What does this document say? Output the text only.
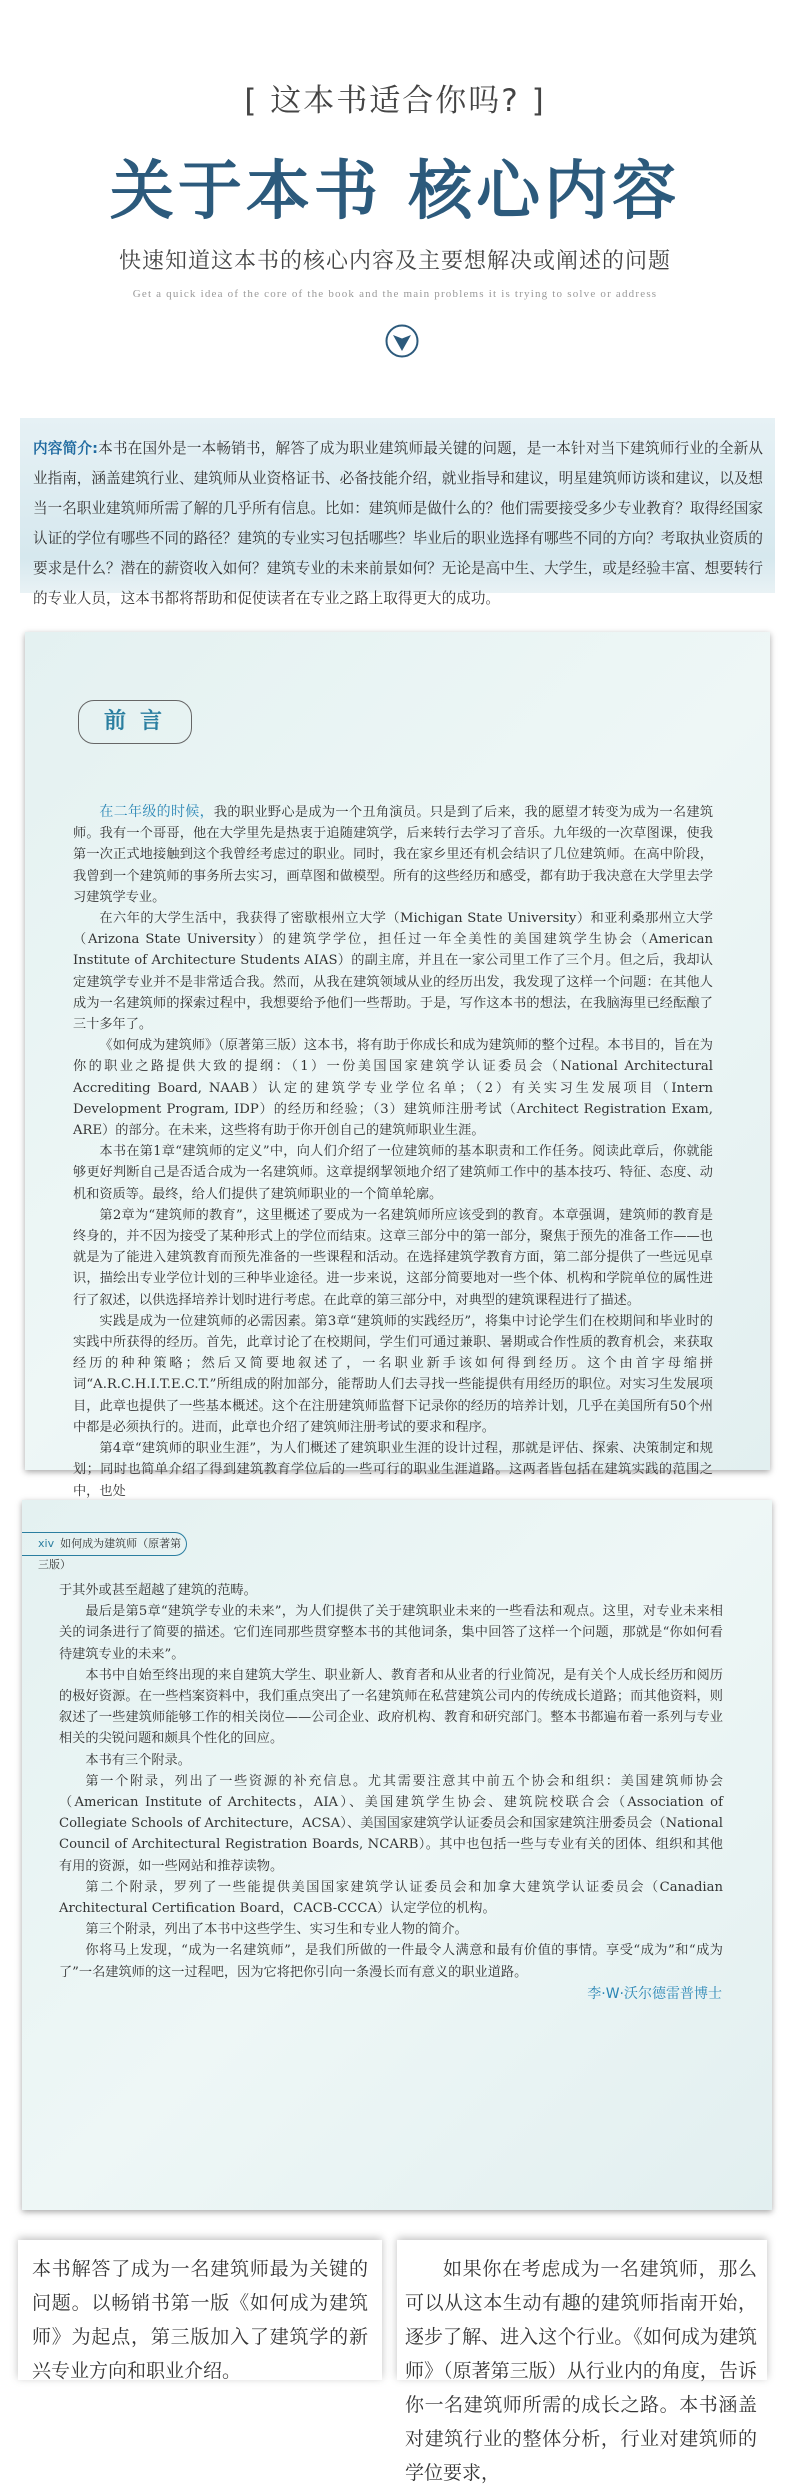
[ 这本书适合你吗? ]
关于本书 核心内容
快速知道这本书的核心内容及主要想解决或阐述的问题
Get a quick idea of the core of the book and the main problems it is trying to solve or address
内容简介:本书在国外是一本畅销书，解答了成为职业建筑师最关键的问题，是一本针对当下建筑师行业的全新从业指南，涵盖建筑行业、建筑师从业资格证书、必备技能介绍，就业指导和建议，明星建筑师访谈和建议，以及想当一名职业建筑师所需了解的几乎所有信息。比如：建筑师是做什么的？他们需要接受多少专业教育？取得经国家认证的学位有哪些不同的路径？建筑的专业实习包括哪些？毕业后的职业选择有哪些不同的方向？考取执业资质的要求是什么？潜在的薪资收入如何？建筑专业的未来前景如何？无论是高中生、大学生，或是经验丰富、想要转行的专业人员，这本书都将帮助和促使读者在专业之路上取得更大的成功。
前言

在二年级的时候，我的职业野心是成为一个丑角演员。只是到了后来，我的愿望才转变为成为一名建筑师。我有一个哥哥，他在大学里先是热衷于追随建筑学，后来转行去学习了音乐。九年级的一次草图课，使我第一次正式地接触到这个我曾经考虑过的职业。同时，我在家乡里还有机会结识了几位建筑师。在高中阶段，我曾到一个建筑师的事务所去实习，画草图和做模型。所有的这些经历和感受，都有助于我决意在大学里去学习建筑学专业。

在六年的大学生活中，我获得了密歇根州立大学（Michigan State University）和亚利桑那州立大学（Arizona State University）的建筑学学位，担任过一年全美性的美国建筑学生协会（American Institute of Architecture Students AIAS）的副主席，并且在一家公司里工作了三个月。但之后，我却认定建筑学专业并不是非常适合我。然而，从我在建筑领域从业的经历出发，我发现了这样一个问题：在其他人成为一名建筑师的探索过程中，我想要给予他们一些帮助。于是，写作这本书的想法，在我脑海里已经酝酿了三十多年了。

《如何成为建筑师》（原著第三版）这本书，将有助于你成长和成为建筑师的整个过程。本书目的，旨在为你的职业之路提供大致的提纲：（1）一份美国国家建筑学认证委员会（National Architectural Accrediting Board, NAAB）认定的建筑学专业学位名单；（2）有关实习生发展项目（Intern Development Program, IDP）的经历和经验；（3）建筑师注册考试（Architect Registration Exam, ARE）的部分。在未来，这些将有助于你开创自己的建筑师职业生涯。

本书在第1章“建筑师的定义”中，向人们介绍了一位建筑师的基本职责和工作任务。阅读此章后，你就能够更好判断自己是否适合成为一名建筑师。这章提纲挈领地介绍了建筑师工作中的基本技巧、特征、态度、动机和资质等。最终，给人们提供了建筑师职业的一个简单轮廓。

第2章为“建筑师的教育”，这里概述了要成为一名建筑师所应该受到的教育。本章强调，建筑师的教育是终身的，并不因为接受了某种形式上的学位而结束。这章三部分中的第一部分，聚焦于预先的准备工作——也就是为了能进入建筑教育而预先准备的一些课程和活动。在选择建筑学教育方面，第二部分提供了一些远见卓识，描绘出专业学位计划的三种毕业途径。进一步来说，这部分简要地对一些个体、机构和学院单位的属性进行了叙述，以供选择培养计划时进行考虑。在此章的第三部分中，对典型的建筑课程进行了描述。

实践是成为一位建筑师的必需因素。第3章“建筑师的实践经历”，将集中讨论学生们在校期间和毕业时的实践中所获得的经历。首先，此章讨论了在校期间，学生们可通过兼职、暑期或合作性质的教育机会，来获取经历的种种策略；然后又简要地叙述了，一名职业新手该如何得到经历。这个由首字母缩拼词“A.R.C.H.I.T.E.C.T.”所组成的附加部分，能帮助人们去寻找一些能提供有用经历的职位。对实习生发展项目，此章也提供了一些基本概述。这个在注册建筑师监督下记录你的经历的培养计划，几乎在美国所有50个州中都是必须执行的。进而，此章也介绍了建筑师注册考试的要求和程序。

第4章“建筑师的职业生涯”，为人们概述了建筑职业生涯的设计过程，那就是评估、探索、决策制定和规划；同时也简单介绍了得到建筑教育学位后的一些可行的职业生涯道路。这两者皆包括在建筑实践的范围之中，也处

xiv 如何成为建筑师（原著第三版）

于其外或甚至超越了建筑的范畴。

最后是第5章“建筑学专业的未来”，为人们提供了关于建筑职业未来的一些看法和观点。这里，对专业未来相关的词条进行了简要的描述。它们连同那些贯穿整本书的其他词条，集中回答了这样一个问题，那就是“你如何看待建筑专业的未来”。

本书中自始至终出现的来自建筑大学生、职业新人、教育者和从业者的行业简况，是有关个人成长经历和阅历的极好资源。在一些档案资料中，我们重点突出了一名建筑师在私营建筑公司内的传统成长道路；而其他资料，则叙述了一些建筑师能够工作的相关岗位——公司企业、政府机构、教育和研究部门。整本书都遍布着一系列与专业相关的尖锐问题和颇具个性化的回应。

本书有三个附录。

第一个附录，列出了一些资源的补充信息。尤其需要注意其中前五个协会和组织：美国建筑师协会（American Institute of Architects，AIA）、美国建筑学生协会、建筑院校联合会（Association of Collegiate Schools of Architecture，ACSA）、美国国家建筑学认证委员会和国家建筑注册委员会（National Council of Architectural Registration Boards, NCARB）。其中也包括一些与专业有关的团体、组织和其他有用的资源，如一些网站和推荐读物。

第二个附录，罗列了一些能提供美国国家建筑学认证委员会和加拿大建筑学认证委员会（Canadian Architectural Certification Board，CACB-CCCA）认定学位的机构。

第三个附录，列出了本书中这些学生、实习生和专业人物的简介。

你将马上发现，“成为一名建筑师”，是我们所做的一件最令人满意和最有价值的事情。享受“成为”和“成为了”一名建筑师的这一过程吧，因为它将把你引向一条漫长而有意义的职业道路。

李·W·沃尔德雷普博士

本书解答了成为一名建筑师最为关键的问题。以畅销书第一版《如何成为建筑师》为起点，第三版加入了建筑学的新兴专业方向和职业介绍。

如果你在考虑成为一名建筑师，那么可以从这本生动有趣的建筑师指南开始，逐步了解、进入这个行业。《如何成为建筑师》（原著第三版）从行业内的角度，告诉你一名建筑师所需的成长之路。本书涵盖对建筑行业的整体分析，行业对建筑师的学位要求，
